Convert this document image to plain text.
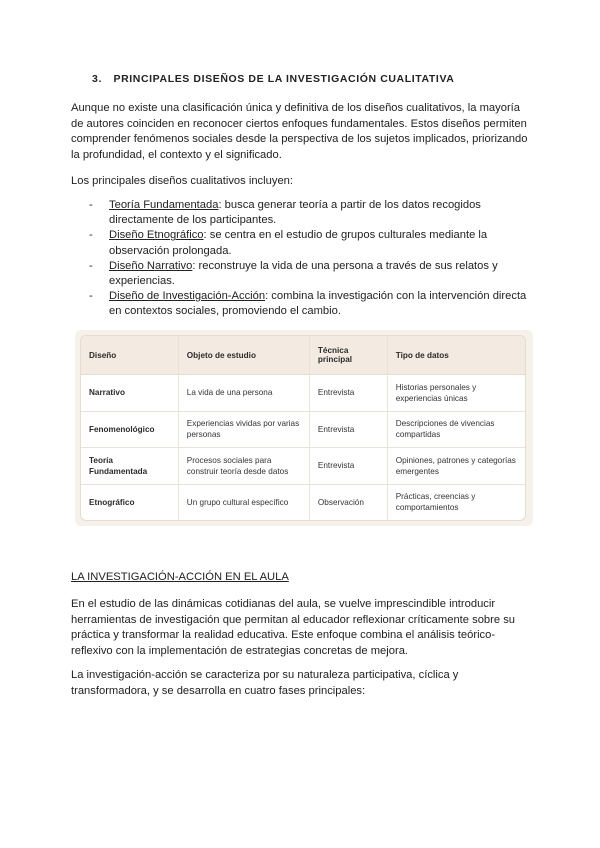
3. PRINCIPALES DISEÑOS DE LA INVESTIGACIÓN CUALITATIVA

Aunque no existe una clasificación única y definitiva de los diseños cualitativos, la mayoría de autores coinciden en reconocer ciertos enfoques fundamentales. Estos diseños permiten comprender fenómenos sociales desde la perspectiva de los sujetos implicados, priorizando la profundidad, el contexto y el significado.

Los principales diseños cualitativos incluyen:

- Teoría Fundamentada: busca generar teoría a partir de los datos recogidos directamente de los participantes.
- Diseño Etnográfico: se centra en el estudio de grupos culturales mediante la observación prolongada.
- Diseño Narrativo: reconstruye la vida de una persona a través de sus relatos y experiencias.
- Diseño de Investigación-Acción: combina la investigación con la intervención directa en contextos sociales, promoviendo el cambio.
Diseño	Objeto de estudio	Técnica principal	Tipo de datos
Narrativo	La vida de una persona	Entrevista	Historias personales y experiencias únicas
Fenomenológico	Experiencias vividas por varias personas	Entrevista	Descripciones de vivencias compartidas
Teoría Fundamentada	Procesos sociales para construir teoría desde datos	Entrevista	Opiniones, patrones y categorías emergentes
Etnográfico	Un grupo cultural específico	Observación	Prácticas, creencias y comportamientos
LA INVESTIGACIÓN-ACCIÓN EN EL AULA

En el estudio de las dinámicas cotidianas del aula, se vuelve imprescindible introducir herramientas de investigación que permitan al educador reflexionar críticamente sobre su práctica y transformar la realidad educativa. Este enfoque combina el análisis teórico-reflexivo con la implementación de estrategias concretas de mejora.

La investigación-acción se caracteriza por su naturaleza participativa, cíclica y transformadora, y se desarrolla en cuatro fases principales:
